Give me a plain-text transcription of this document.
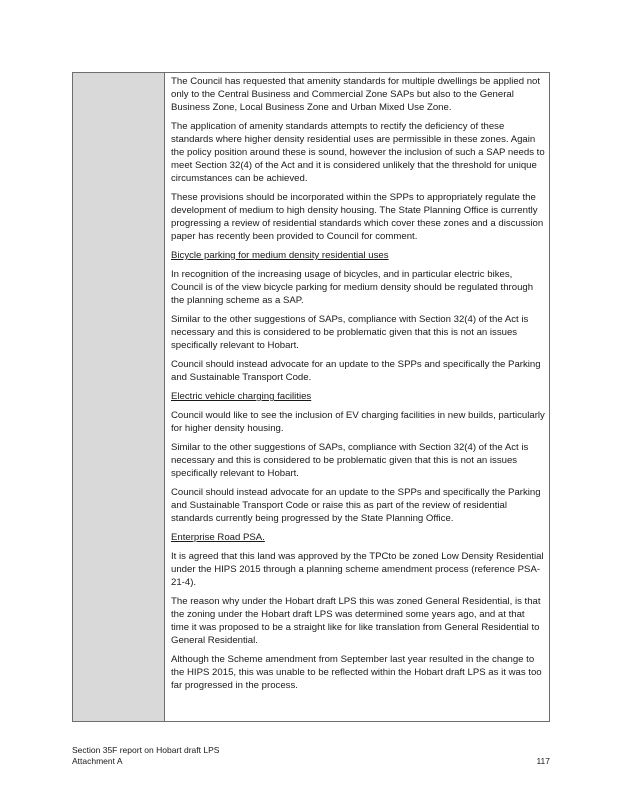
The Council has requested that amenity standards for multiple dwellings be applied not only to the Central Business and Commercial Zone SAPs but also to the General Business Zone, Local Business Zone and Urban Mixed Use Zone.

The application of amenity standards attempts to rectify the deficiency of these standards where higher density residential uses are permissible in these zones. Again the policy position around these is sound, however the inclusion of such a SAP needs to meet Section 32(4) of the Act and it is considered unlikely that the threshold for unique circumstances can be achieved.

These provisions should be incorporated within the SPPs to appropriately regulate the development of medium to high density housing. The State Planning Office is currently progressing a review of residential standards which cover these zones and a discussion paper has recently been provided to Council for comment.

Bicycle parking for medium density residential uses

In recognition of the increasing usage of bicycles, and in particular electric bikes, Council is of the view bicycle parking for medium density should be regulated through the planning scheme as a SAP.

Similar to the other suggestions of SAPs, compliance with Section 32(4) of the Act is necessary and this is considered to be problematic given that this is not an issues specifically relevant to Hobart.

Council should instead advocate for an update to the SPPs and specifically the Parking and Sustainable Transport Code.

Electric vehicle charging facilities

Council would like to see the inclusion of EV charging facilities in new builds, particularly for higher density housing.

Similar to the other suggestions of SAPs, compliance with Section 32(4) of the Act is necessary and this is considered to be problematic given that this is not an issues specifically relevant to Hobart.

Council should instead advocate for an update to the SPPs and specifically the Parking and Sustainable Transport Code or raise this as part of the review of residential standards currently being progressed by the State Planning Office.

Enterprise Road PSA.

It is agreed that this land was approved by the TPCto be zoned Low Density Residential under the HIPS 2015 through a planning scheme amendment process (reference PSA-21-4).

The reason why under the Hobart draft LPS this was zoned General Residential, is that the zoning under the Hobart draft LPS was determined some years ago, and at that time it was proposed to be a straight like for like translation from General Residential to General Residential.

Although the Scheme amendment from September last year resulted in the change to the HIPS 2015, this was unable to be reflected within the Hobart draft LPS as it was too far progressed in the process.

Section 35F report on Hobart draft LPS
Attachment A	117
